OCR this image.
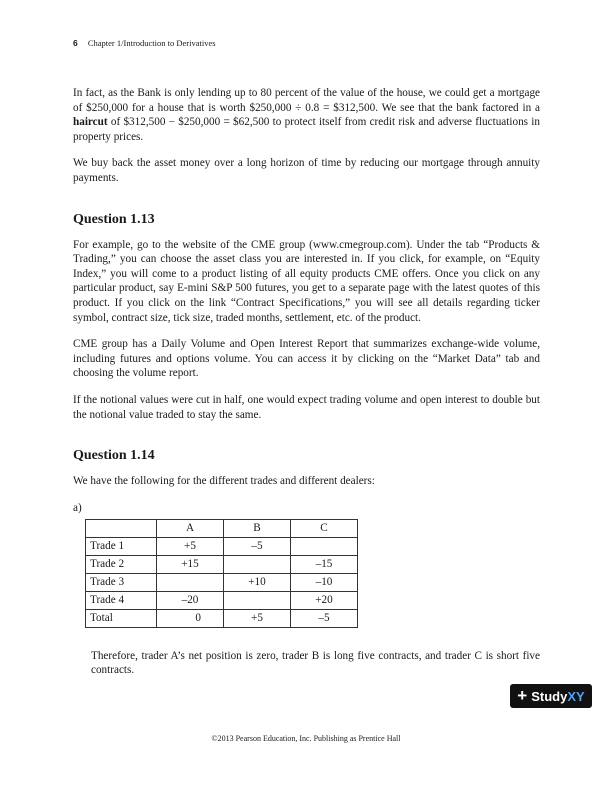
6 Chapter 1/Introduction to Derivatives

In fact, as the Bank is only lending up to 80 percent of the value of the house, we could get a mortgage of $250,000 for a house that is worth $250,000 ÷ 0.8 = $312,500. We see that the bank factored in a haircut of $312,500 − $250,000 = $62,500 to protect itself from credit risk and adverse fluctuations in property prices.

We buy back the asset money over a long horizon of time by reducing our mortgage through annuity payments.

Question 1.13

For example, go to the website of the CME group (www.cmegroup.com). Under the tab “Products & Trading,” you can choose the asset class you are interested in. If you click, for example, on “Equity Index,” you will come to a product listing of all equity products CME offers. Once you click on any particular product, say E-mini S&P 500 futures, you get to a separate page with the latest quotes of this product. If you click on the link “Contract Specifications,” you will see all details regarding ticker symbol, contract size, tick size, traded months, settlement, etc. of the product.

CME group has a Daily Volume and Open Interest Report that summarizes exchange-wide volume, including futures and options volume. You can access it by clicking on the “Market Data” tab and choosing the volume report.

If the notional values were cut in half, one would expect trading volume and open interest to double but the notional value traded to stay the same.

Question 1.14

We have the following for the different trades and different dealers:

a)
	A	B	C
Trade 1	+5	–5	
Trade 2	+15		–15
Trade 3		+10	–10
Trade 4	–20		+20
Total	0	+5	–5

Therefore, trader A’s net position is zero, trader B is long five contracts, and trader C is short five contracts.

+ StudyXY
©2013 Pearson Education, Inc. Publishing as Prentice Hall
